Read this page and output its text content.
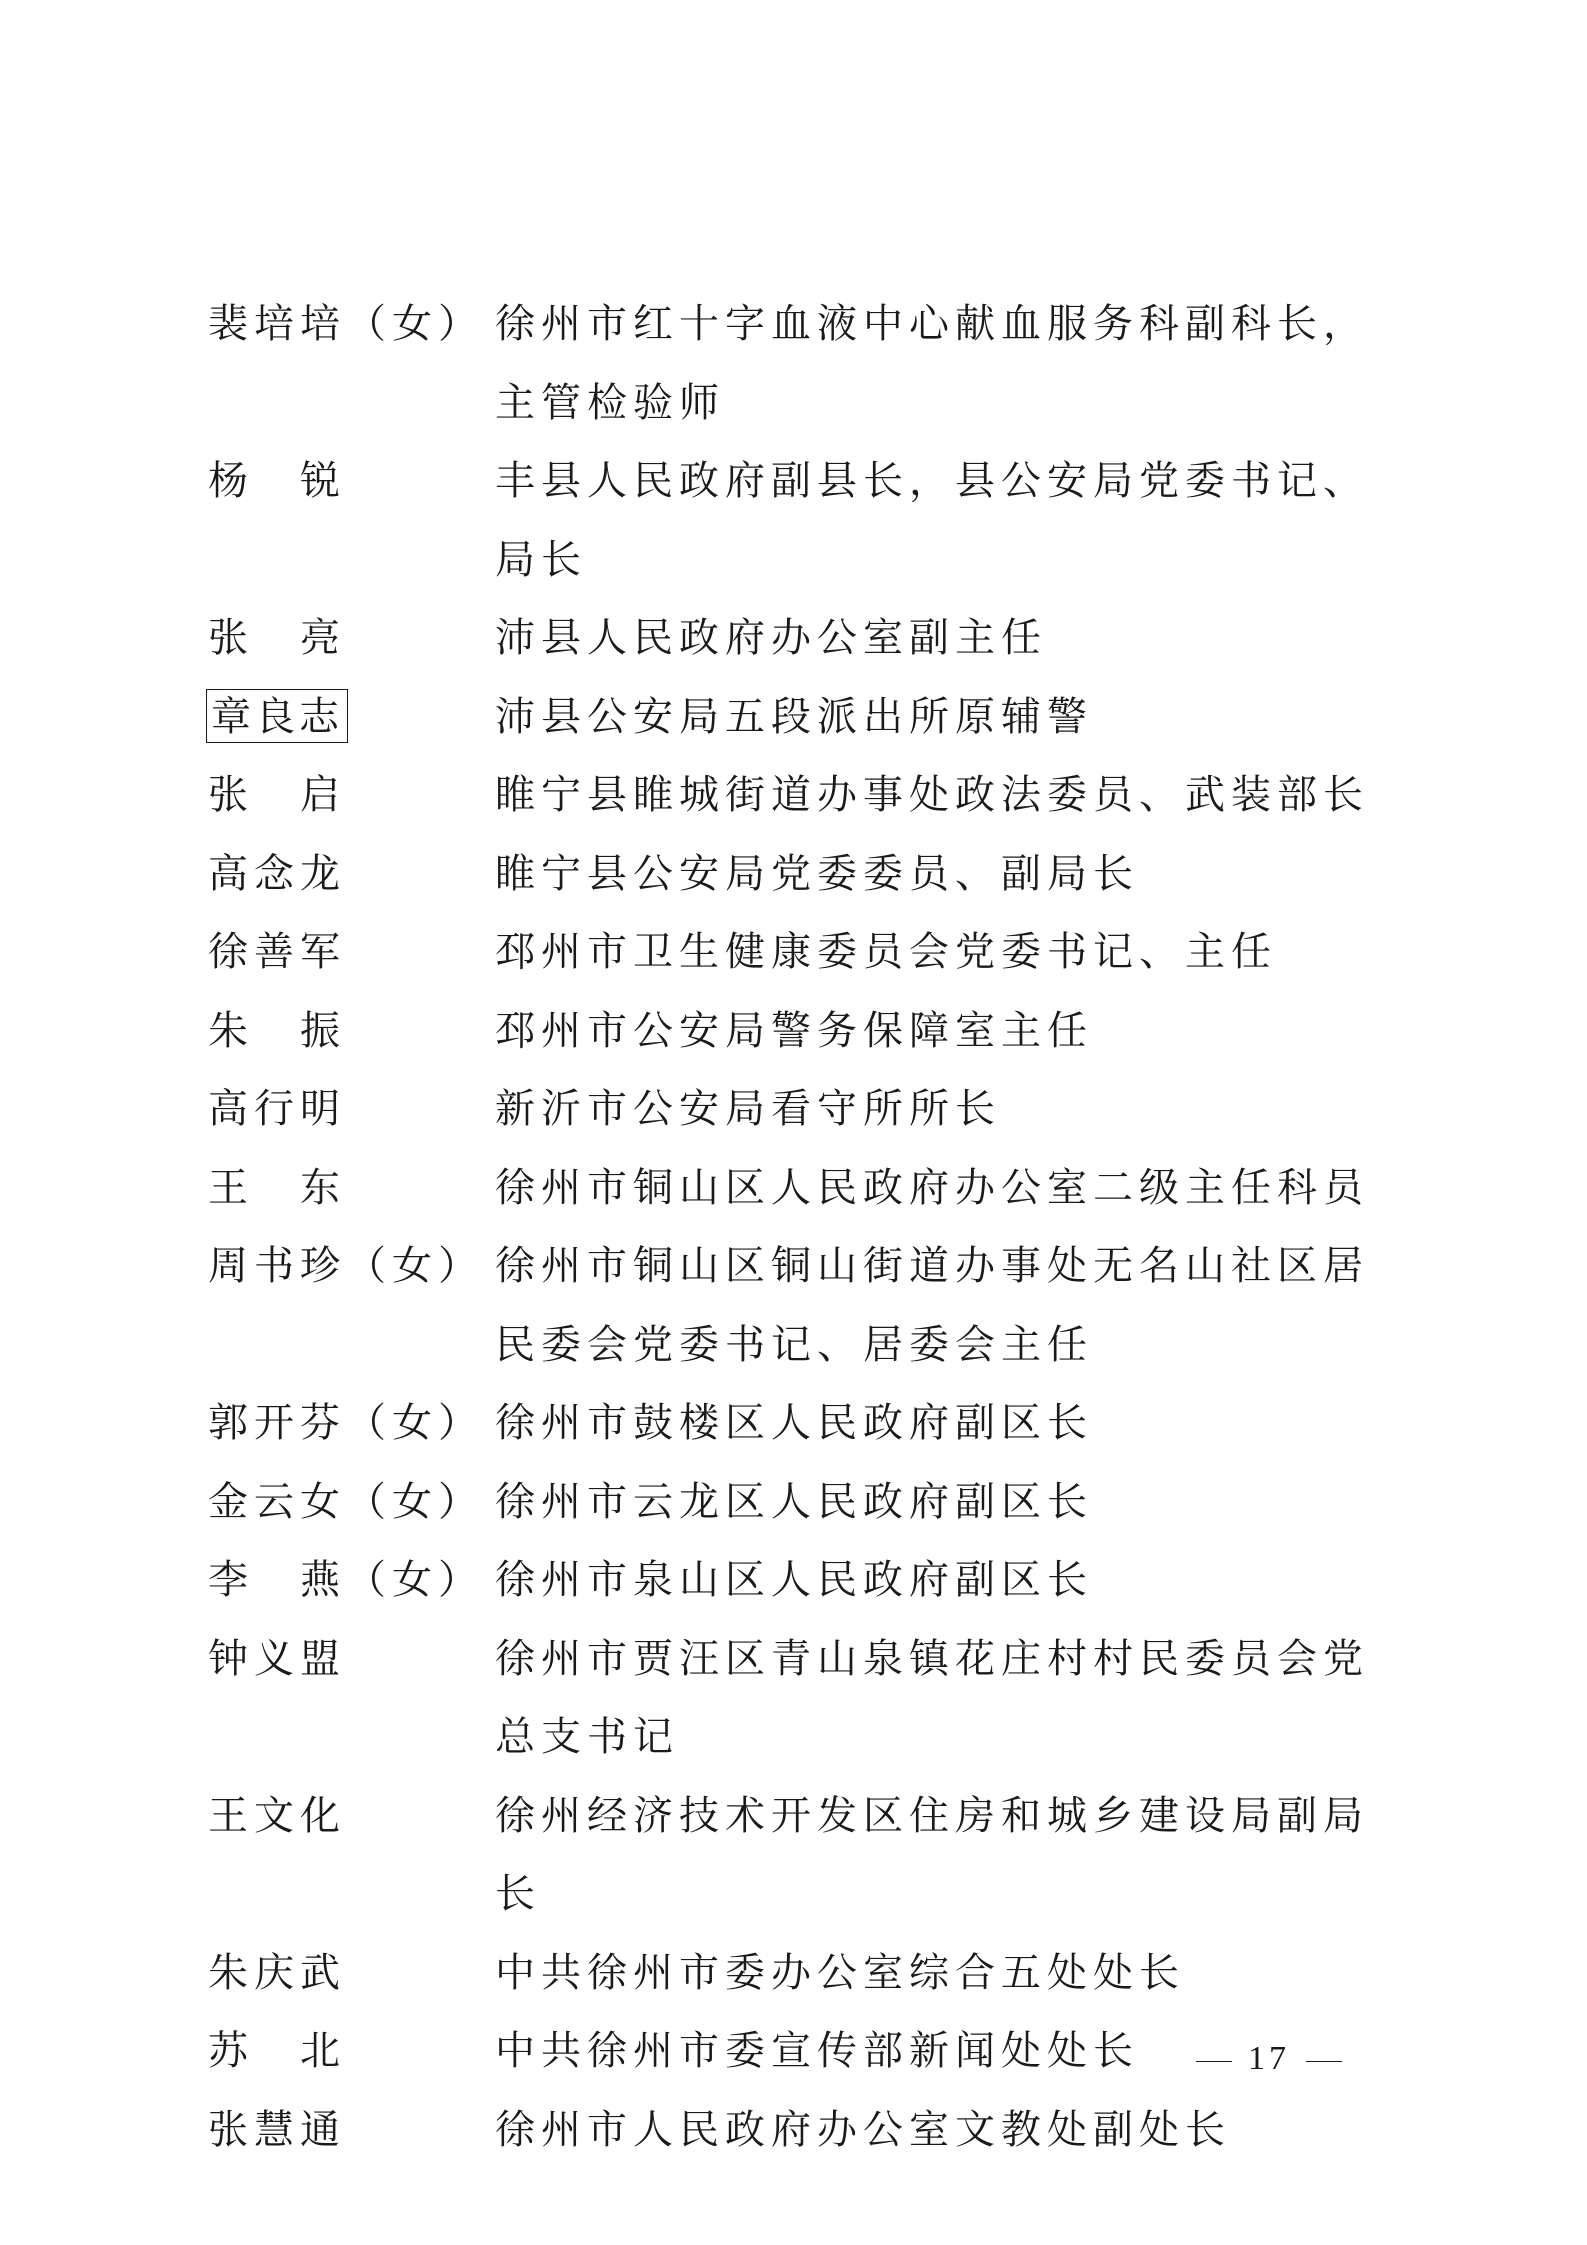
裴培培（女） 徐州市红十字血液中心献血服务科副科长，主管检验师
杨　锐	丰县人民政府副县长，县公安局党委书记、局长
张　亮	沛县人民政府办公室副主任
章良志	沛县公安局五段派出所原辅警
张　启	睢宁县睢城街道办事处政法委员、武装部长
高念龙	睢宁县公安局党委委员、副局长
徐善军	邳州市卫生健康委员会党委书记、主任
朱　振	邳州市公安局警务保障室主任
高行明	新沂市公安局看守所所长
王　东	徐州市铜山区人民政府办公室二级主任科员
周书珍（女） 徐州市铜山区铜山街道办事处无名山社区居民委会党委书记、居委会主任
郭开芬（女） 徐州市鼓楼区人民政府副区长
金云女（女） 徐州市云龙区人民政府副区长
李　燕（女） 徐州市泉山区人民政府副区长
钟义盟	徐州市贾汪区青山泉镇花庄村村民委员会党总支书记
王文化	徐州经济技术开发区住房和城乡建设局副局长
朱庆武	中共徐州市委办公室综合五处处长
苏　北	中共徐州市委宣传部新闻处处长
张慧通	徐州市人民政府办公室文教处副处长
17
